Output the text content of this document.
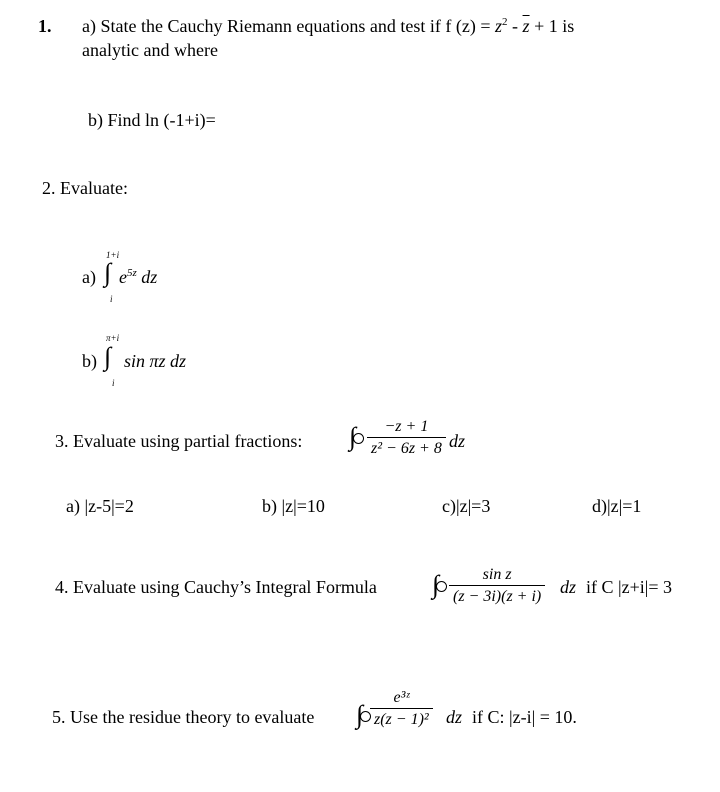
1. a) State the Cauchy Riemann equations and test if f $(z) = z^2 - \overline{z} + 1$ is
analytic and where
b) Find ln (-1+i)=
2. Evaluate:
1+i
a) ∫ $e^{5z}$ dz
i
π+i
b) ∫ sin πz dz
i
3. Evaluate using partial fractions: ∫ $\frac{-z + 1}{\text{z² − 6z + 8}}$ dz
a) |z-5|=2	b) |z|=10	c)|z|=3	d)|z|=1
4. Evaluate using Cauchy’s Integral Formula ∫ $\frac{\text{sin z}}{(z - 3i)(z + i)}$ dz if C |z+i|= 3
5. Use the residue theory to evaluate ∫ $\frac{\text{e³ᶻ}}{\text{z(z − 1)²}}$ dz if C: |z-i| = 10.
